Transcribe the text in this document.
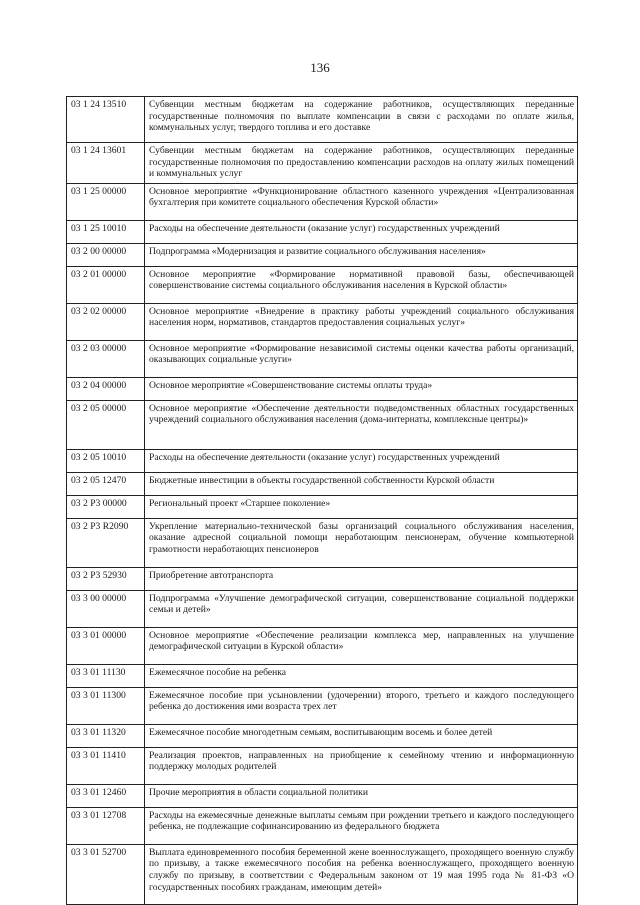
136
03 1 24 13510	Субвенции местным бюджетам на содержание работников, осуществляющих переданные государственные полномочия по выплате компенсации в связи с расходами по оплате жилья, коммунальных услуг, твердого топлива и его доставке
03 1 24 13601	Субвенции местным бюджетам на содержание работников, осуществляющих переданные государственные полномочия по предоставлению компенсации расходов на оплату жилых помещений и коммунальных услуг
03 1 25 00000	Основное мероприятие «Функционирование областного казенного учреждения «Централизованная бухгалтерия при комитете социального обеспечения Курской области»
03 1 25 10010	Расходы на обеспечение деятельности (оказание услуг) государственных учреждений
03 2 00 00000	Подпрограмма «Модернизация и развитие социального обслуживания населения»
03 2 01 00000	Основное мероприятие «Формирование нормативной правовой базы, обеспечивающей совершенствование системы социального обслуживания населения в Курской области»
03 2 02 00000	Основное мероприятие «Внедрение в практику работы учреждений социального обслуживания населения норм, нормативов, стандартов предоставления социальных услуг»
03 2 03 00000	Основное мероприятие «Формирование независимой системы оценки качества работы организаций, оказывающих социальные услуги»
03 2 04 00000	Основное мероприятие «Совершенствование системы оплаты труда»
03 2 05 00000	Основное мероприятие «Обеспечение деятельности подведомственных областных государственных учреждений социального обслуживания населения (дома-интернаты, комплексные центры)»
03 2 05 10010	Расходы на обеспечение деятельности (оказание услуг) государственных учреждений
03 2 05 12470	Бюджетные инвестиции в объекты государственной собственности Курской области
03 2 P3 00000	Региональный проект «Старшее поколение»
03 2 P3 R2090	Укрепление материально-технической базы организаций социального обслуживания населения, оказание адресной социальной помощи неработающим пенсионерам, обучение компьютерной грамотности неработающих пенсионеров
03 2 P3 52930	Приобретение автотранспорта
03 3 00 00000	Подпрограмма «Улучшение демографической ситуации, совершенствование социальной поддержки семьи и детей»
03 3 01 00000	Основное мероприятие «Обеспечение реализации комплекса мер, направленных на улучшение демографической ситуации в Курской области»
03 3 01 11130	Ежемесячное пособие на ребенка
03 3 01 11300	Ежемесячное пособие при усыновлении (удочерении) второго, третьего и каждого последующего ребенка до достижения ими возраста трех лет
03 3 01 11320	Ежемесячное пособие многодетным семьям, воспитывающим восемь и более детей
03 3 01 11410	Реализация проектов, направленных на приобщение к семейному чтению и информационную поддержку молодых родителей
03 3 01 12460	Прочие мероприятия в области социальной политики
03 3 01 12708	Расходы на ежемесячные денежные выплаты семьям при рождении третьего и каждого последующего ребенка, не подлежащие софинансированию из федерального бюджета
03 3 01 52700	Выплата единовременного пособия беременной жене военнослужащего, проходящего военную службу по призыву, а также ежемесячного пособия на ребенка военнослужащего, проходящего военную службу по призыву, в соответствии с Федеральным законом от 19 мая 1995 года № 81-ФЗ «О государственных пособиях гражданам, имеющим детей»
